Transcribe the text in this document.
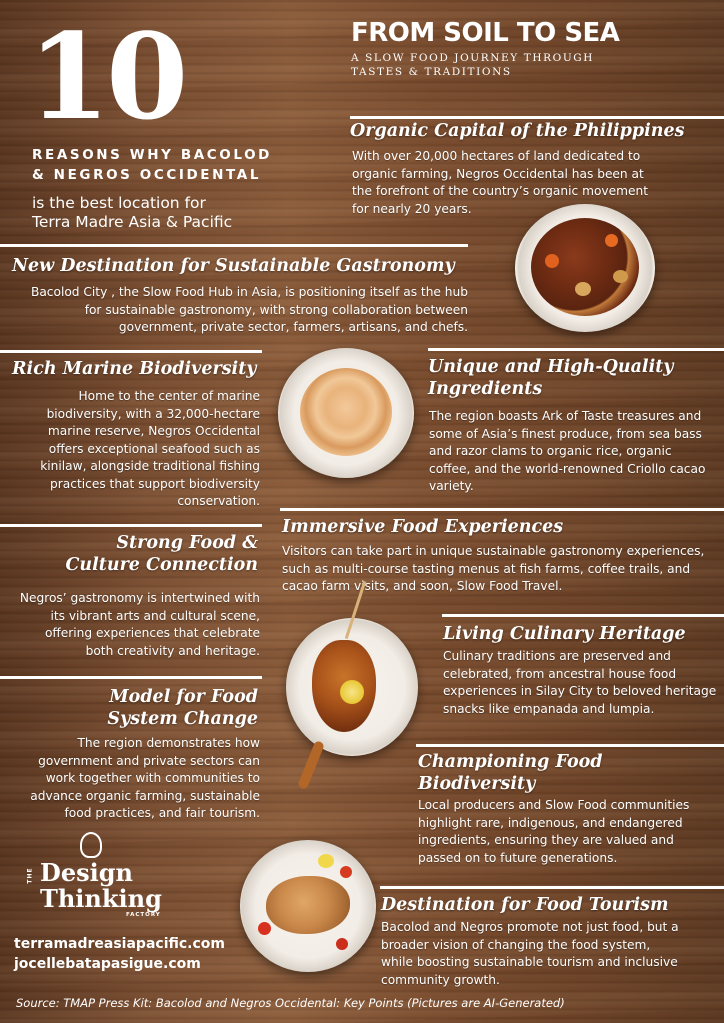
10
REASONS WHY BACOLOD
& NEGROS OCCIDENTAL
is the best location for
Terra Madre Asia & Pacific
FROM SOIL TO SEA
A SLOW FOOD JOURNEY THROUGH
TASTES & TRADITIONS
Organic Capital of the Philippines
With over 20,000 hectares of land dedicated to organic farming, Negros Occidental has been at the forefront of the country’s organic movement for nearly 20 years.
New Destination for Sustainable Gastronomy
Bacolod City , the Slow Food Hub in Asia, is positioning itself as the hub for sustainable gastronomy, with strong collaboration between government, private sector, farmers, artisans, and chefs.
Rich Marine Biodiversity
Home to the center of marine biodiversity, with a 32,000-hectare marine reserve, Negros Occidental offers exceptional seafood such as kinilaw, alongside traditional fishing practices that support biodiversity conservation.
Unique and High-Quality
Ingredients
The region boasts Ark of Taste treasures and some of Asia’s finest produce, from sea bass and razor clams to organic rice, organic coffee, and the world-renowned Criollo cacao variety.
Immersive Food Experiences
Visitors can take part in unique sustainable gastronomy experiences, such as multi-course tasting menus at fish farms, coffee trails, and cacao farm visits, and soon, Slow Food Travel.
Strong Food &
Culture Connection
Negros’ gastronomy is intertwined with its vibrant arts and cultural scene, offering experiences that celebrate both creativity and heritage.
Living Culinary Heritage
Culinary traditions are preserved and celebrated, from ancestral house food experiences in Silay City to beloved heritage snacks like empanada and lumpia.
Model for Food
System Change
The region demonstrates how government and private sectors can work together with communities to advance organic farming, sustainable food practices, and fair tourism.
Championing Food
Biodiversity
Local producers and Slow Food communities highlight rare, indigenous, and endangered ingredients, ensuring they are valued and passed on to future generations.
THE Design
Thinking
FACTORY
terramadreasiapacific.com
jocellebatapasigue.com
Destination for Food Tourism
Bacolod and Negros promote not just food, but a broader vision of changing the food system, while boosting sustainable tourism and inclusive community growth.
Source: TMAP Press Kit: Bacolod and Negros Occidental: Key Points (Pictures are AI-Generated)
